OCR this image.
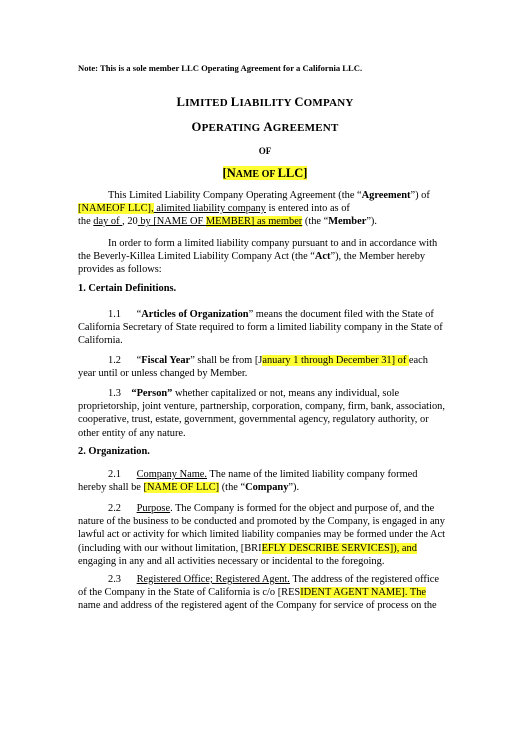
Note: This is a sole member LLC Operating Agreement for a California LLC.
LIMITED LIABILITY COMPANY
OPERATING AGREEMENT
OF
[NAME OF LLC]
This Limited Liability Company Operating Agreement (the “Agreement”) of
[NAMEOF LLC], alimited liability company is entered into as of
the day of , 20 by [NAME OF MEMBER] as member (the “Member”).
In order to form a limited liability company pursuant to and in accordance with
the Beverly-Killea Limited Liability Company Act (the “Act”), the Member hereby
provides as follows:
1. Certain Definitions.
1.1 “Articles of Organization” means the document filed with the State of
California Secretary of State required to form a limited liability company in the State of
California.
1.2 “Fiscal Year” shall be from [January 1 through December 31] of each
year until or unless changed by Member.
1.3 “Person” whether capitalized or not, means any individual, sole
proprietorship, joint venture, partnership, corporation, company, firm, bank, association,
cooperative, trust, estate, government, governmental agency, regulatory authority, or
other entity of any nature.
2. Organization.
2.1 Company Name. The name of the limited liability company formed
hereby shall be [NAME OF LLC] (the “Company”).
2.2 Purpose. The Company is formed for the object and purpose of, and the
nature of the business to be conducted and promoted by the Company, is engaged in any
lawful act or activity for which limited liability companies may be formed under the Act
(including with our without limitation, [BRIEFLY DESCRIBE SERVICES]), and
engaging in any and all activities necessary or incidental to the foregoing.
2.3 Registered Office; Registered Agent. The address of the registered office
of the Company in the State of California is c/o [RESIDENT AGENT NAME]. The
name and address of the registered agent of the Company for service of process on the
